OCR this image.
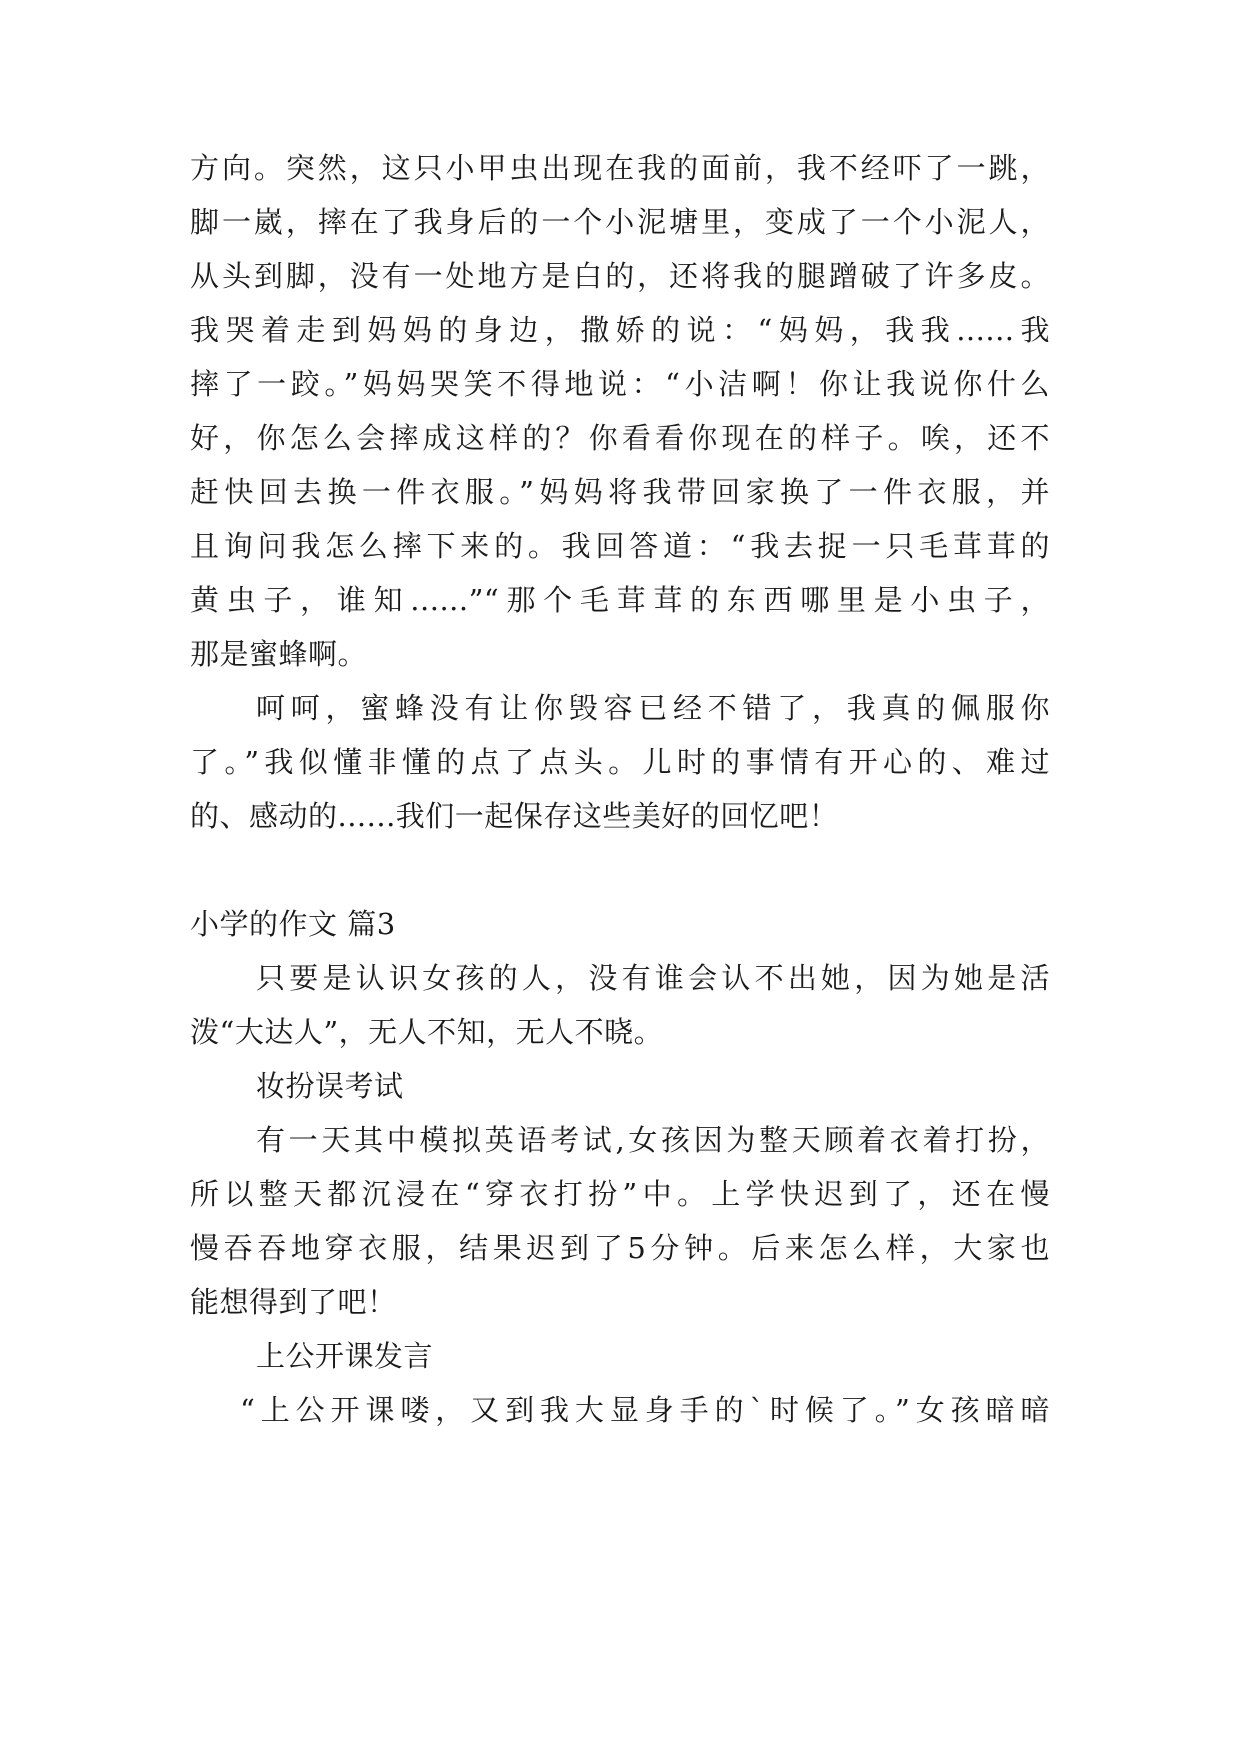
方向。突然，这只小甲虫出现在我的面前，我不经吓了一跳，
脚一崴，摔在了我身后的一个小泥塘里，变成了一个小泥人，
从头到脚，没有一处地方是白的，还将我的腿蹭破了许多皮。
我哭着走到妈妈的身边，撒娇的说：“妈妈，我我......我
摔了一跤。”妈妈哭笑不得地说：“小洁啊！你让我说你什么
好，你怎么会摔成这样的？你看看你现在的样子。唉，还不
赶快回去换一件衣服。”妈妈将我带回家换了一件衣服，并
且询问我怎么摔下来的。我回答道：“我去捉一只毛茸茸的
黄虫子，谁知......”“那个毛茸茸的东西哪里是小虫子，
那是蜜蜂啊。
呵呵，蜜蜂没有让你毁容已经不错了，我真的佩服你
了。”我似懂非懂的点了点头。儿时的事情有开心的、难过
的、感动的......我们一起保存这些美好的回忆吧！
小学的作文 篇3
只要是认识女孩的人，没有谁会认不出她，因为她是活
泼“大达人”，无人不知，无人不晓。
妆扮误考试
有一天其中模拟英语考试,女孩因为整天顾着衣着打扮，
所以整天都沉浸在“穿衣打扮”中。上学快迟到了，还在慢
慢吞吞地穿衣服，结果迟到了5分钟。后来怎么样，大家也
能想得到了吧！
上公开课发言
“上公开课喽，又到我大显身手的`时候了。”女孩暗暗
